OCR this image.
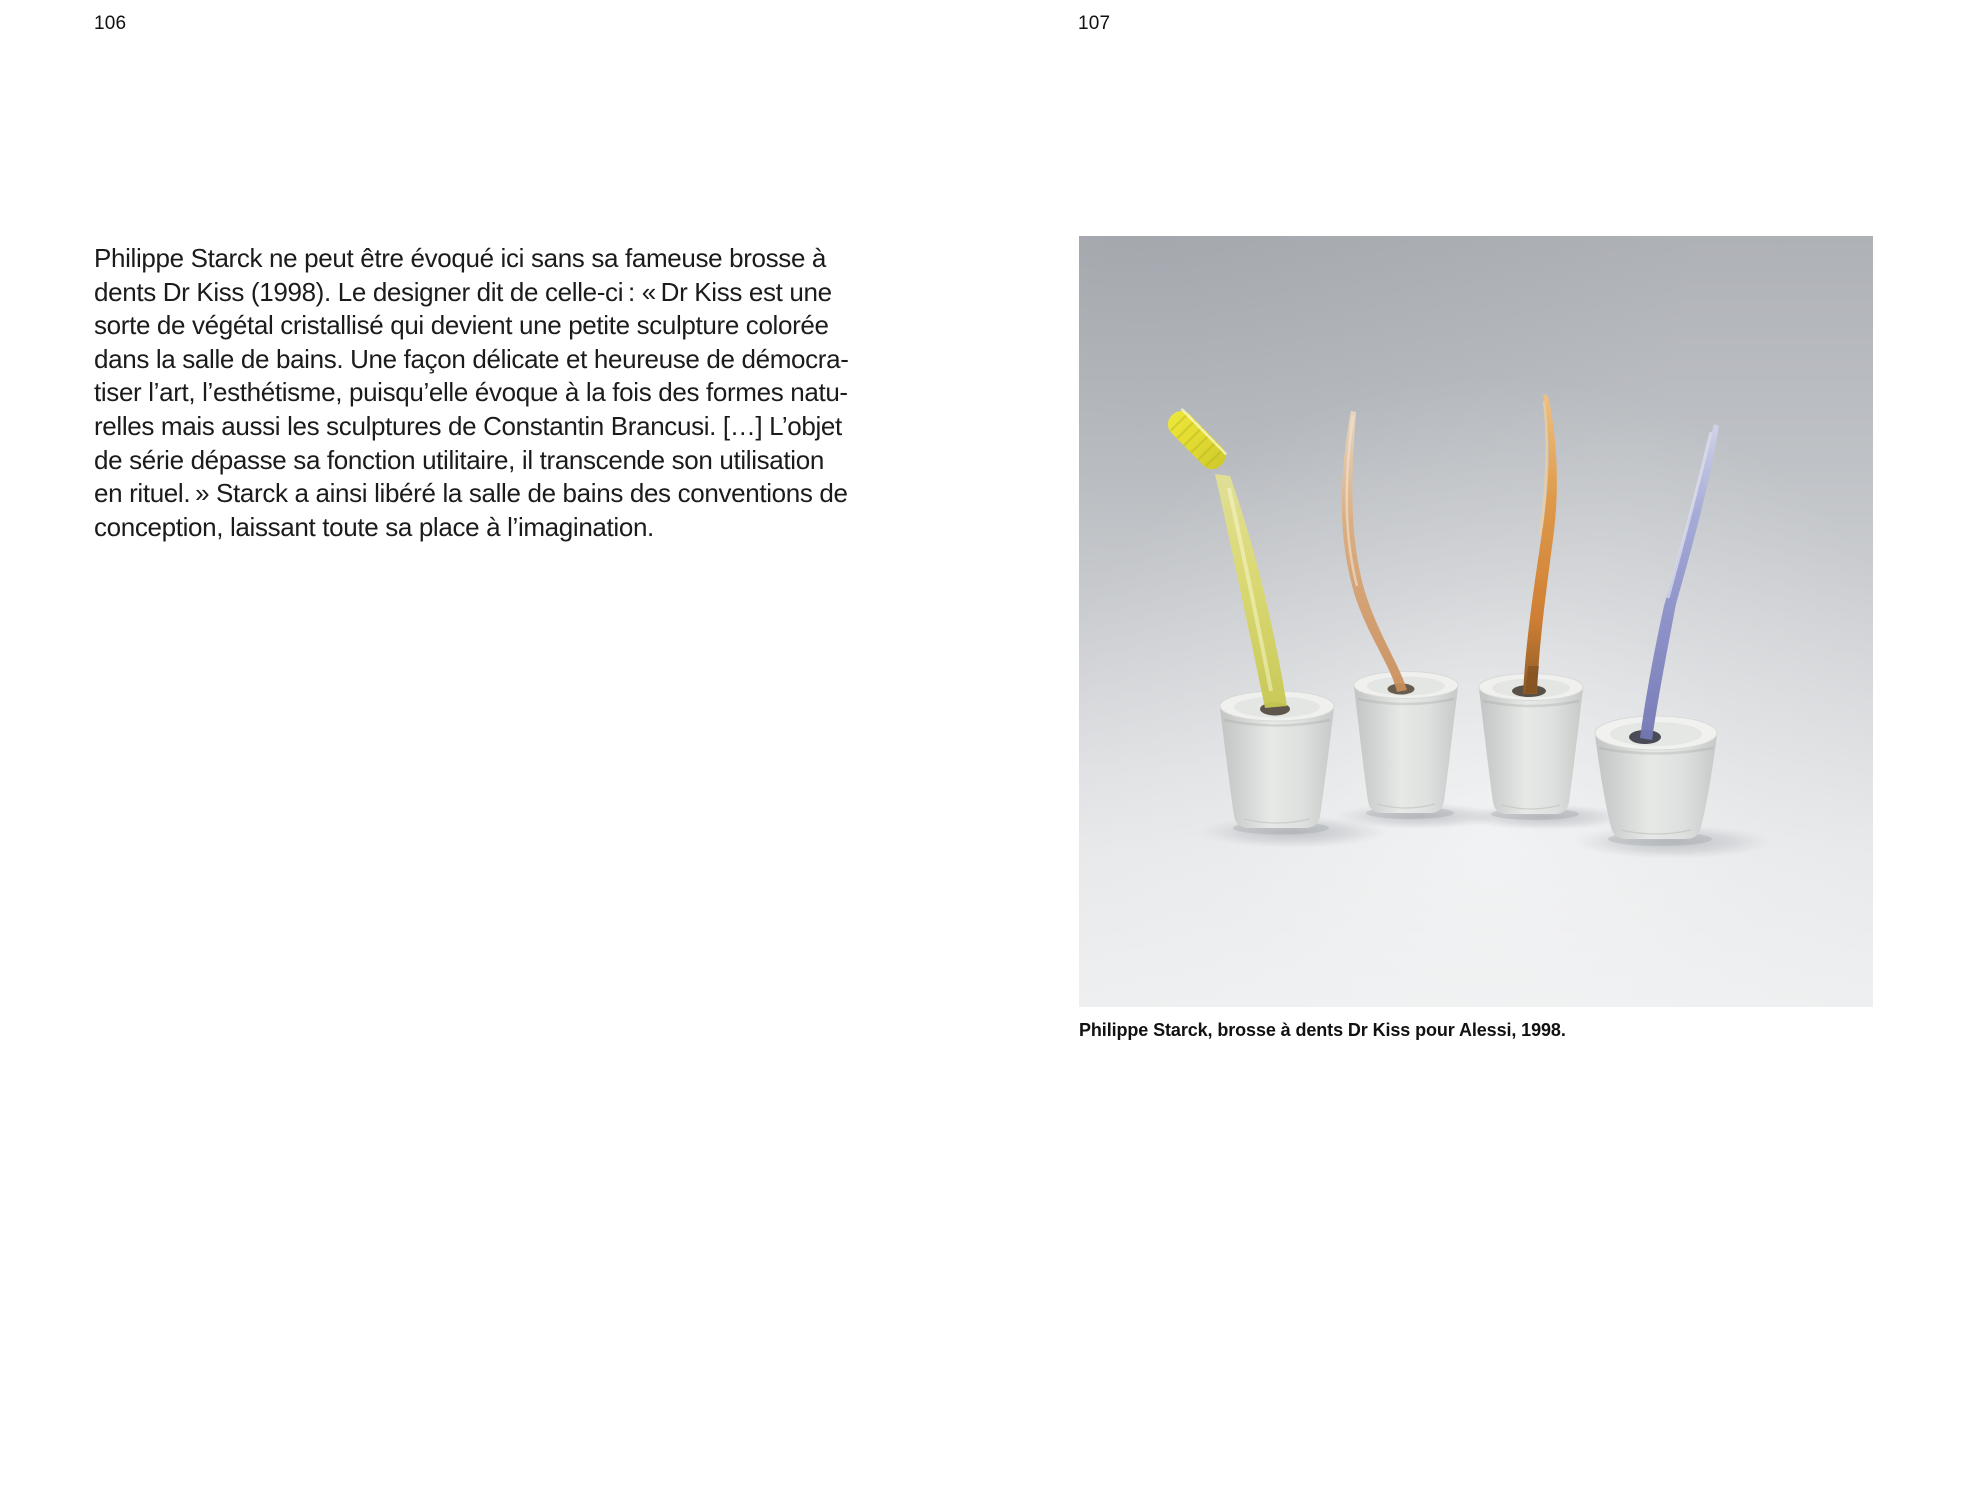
106
Philippe Starck ne peut être évoqué ici sans sa fameuse brosse à
dents Dr Kiss (1998). Le designer dit de celle-ci : « Dr Kiss est une
sorte de végétal cristallisé qui devient une petite sculpture colorée
dans la salle de bains. Une façon délicate et heureuse de démocra-
tiser l’art, l’esthétisme, puisqu’elle évoque à la fois des formes natu-
relles mais aussi les sculptures de Constantin Brancusi. […] L’objet
de série dépasse sa fonction utilitaire, il transcende son utilisation
en rituel. » Starck a ainsi libéré la salle de bains des conventions de
conception, laissant toute sa place à l’imagination.
107
Philippe Starck, brosse à dents Dr Kiss pour Alessi, 1998.
